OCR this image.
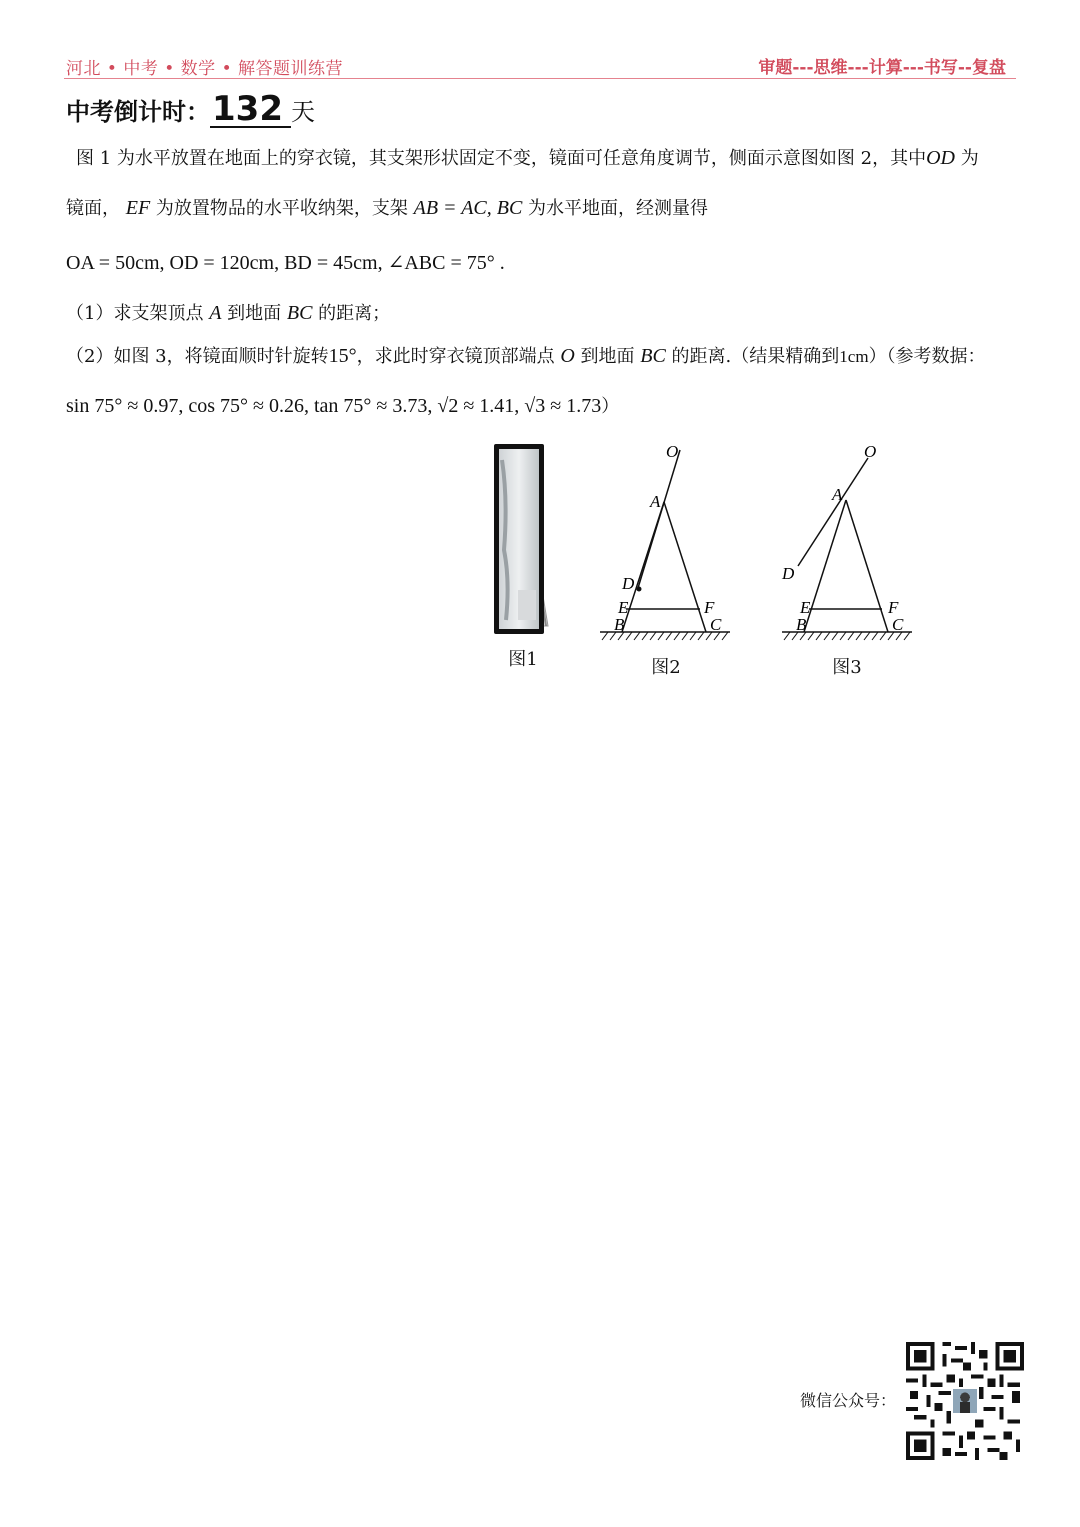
河北 • 中考 • 数学 • 解答题训练营	审题---思维---计算---书写--复盘
中考倒计时：132 天
图 1 为水平放置在地面上的穿衣镜，其支架形状固定不变，镜面可任意角度调节，侧面示意图如图 2，其中OD 为
镜面， EF 为放置物品的水平收纳架，支架 AB = AC, BC 为水平地面，经测量得
OA = 50cm, OD = 120cm, BD = 45cm, ∠ABC = 75° .
（1）求支架顶点 A 到地面 BC 的距离；
（2）如图 3，将镜面顺时针旋转15°，求此时穿衣镜顶部端点 O 到地面 BC 的距离.（结果精确到1cm）（参考数据：
sin 75° ≈ 0.97, cos 75° ≈ 0.26, tan 75° ≈ 3.73, √2 ≈ 1.41, √3 ≈ 1.73）
图1
O
A
D
E	F
B	C
图2
O
A
D
E	F
B	C
图3
微信公众号：
